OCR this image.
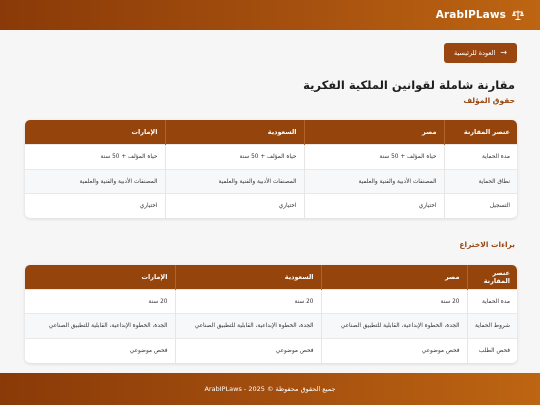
ArabIPLaws
→
العودة للرئيسية
مقارنة شاملة لقوانين الملكية الفكرية
حقوق المؤلف
عنصر المقارنة	مصر	السعودية	الإمارات
مدة الحماية	حياة المؤلف + 50 سنة	حياة المؤلف + 50 سنة	حياة المؤلف + 50 سنة
نطاق الحماية	المصنفات الأدبية والفنية والعلمية	المصنفات الأدبية والفنية والعلمية	المصنفات الأدبية والفنية والعلمية
التسجيل	اختياري	اختياري	اختياري
براءات الاختراع
عنصر المقارنة	مصر	السعودية	الإمارات
مدة الحماية	20 سنة	20 سنة	20 سنة
شروط الحماية	الجدة، الخطوة الإبداعية، القابلية للتطبيق الصناعي	الجدة، الخطوة الإبداعية، القابلية للتطبيق الصناعي	الجدة، الخطوة الإبداعية، القابلية للتطبيق الصناعي
فحص الطلب	فحص موضوعي	فحص موضوعي	فحص موضوعي
جميع الحقوق محفوظة © 2025 - ArabIPLaws
